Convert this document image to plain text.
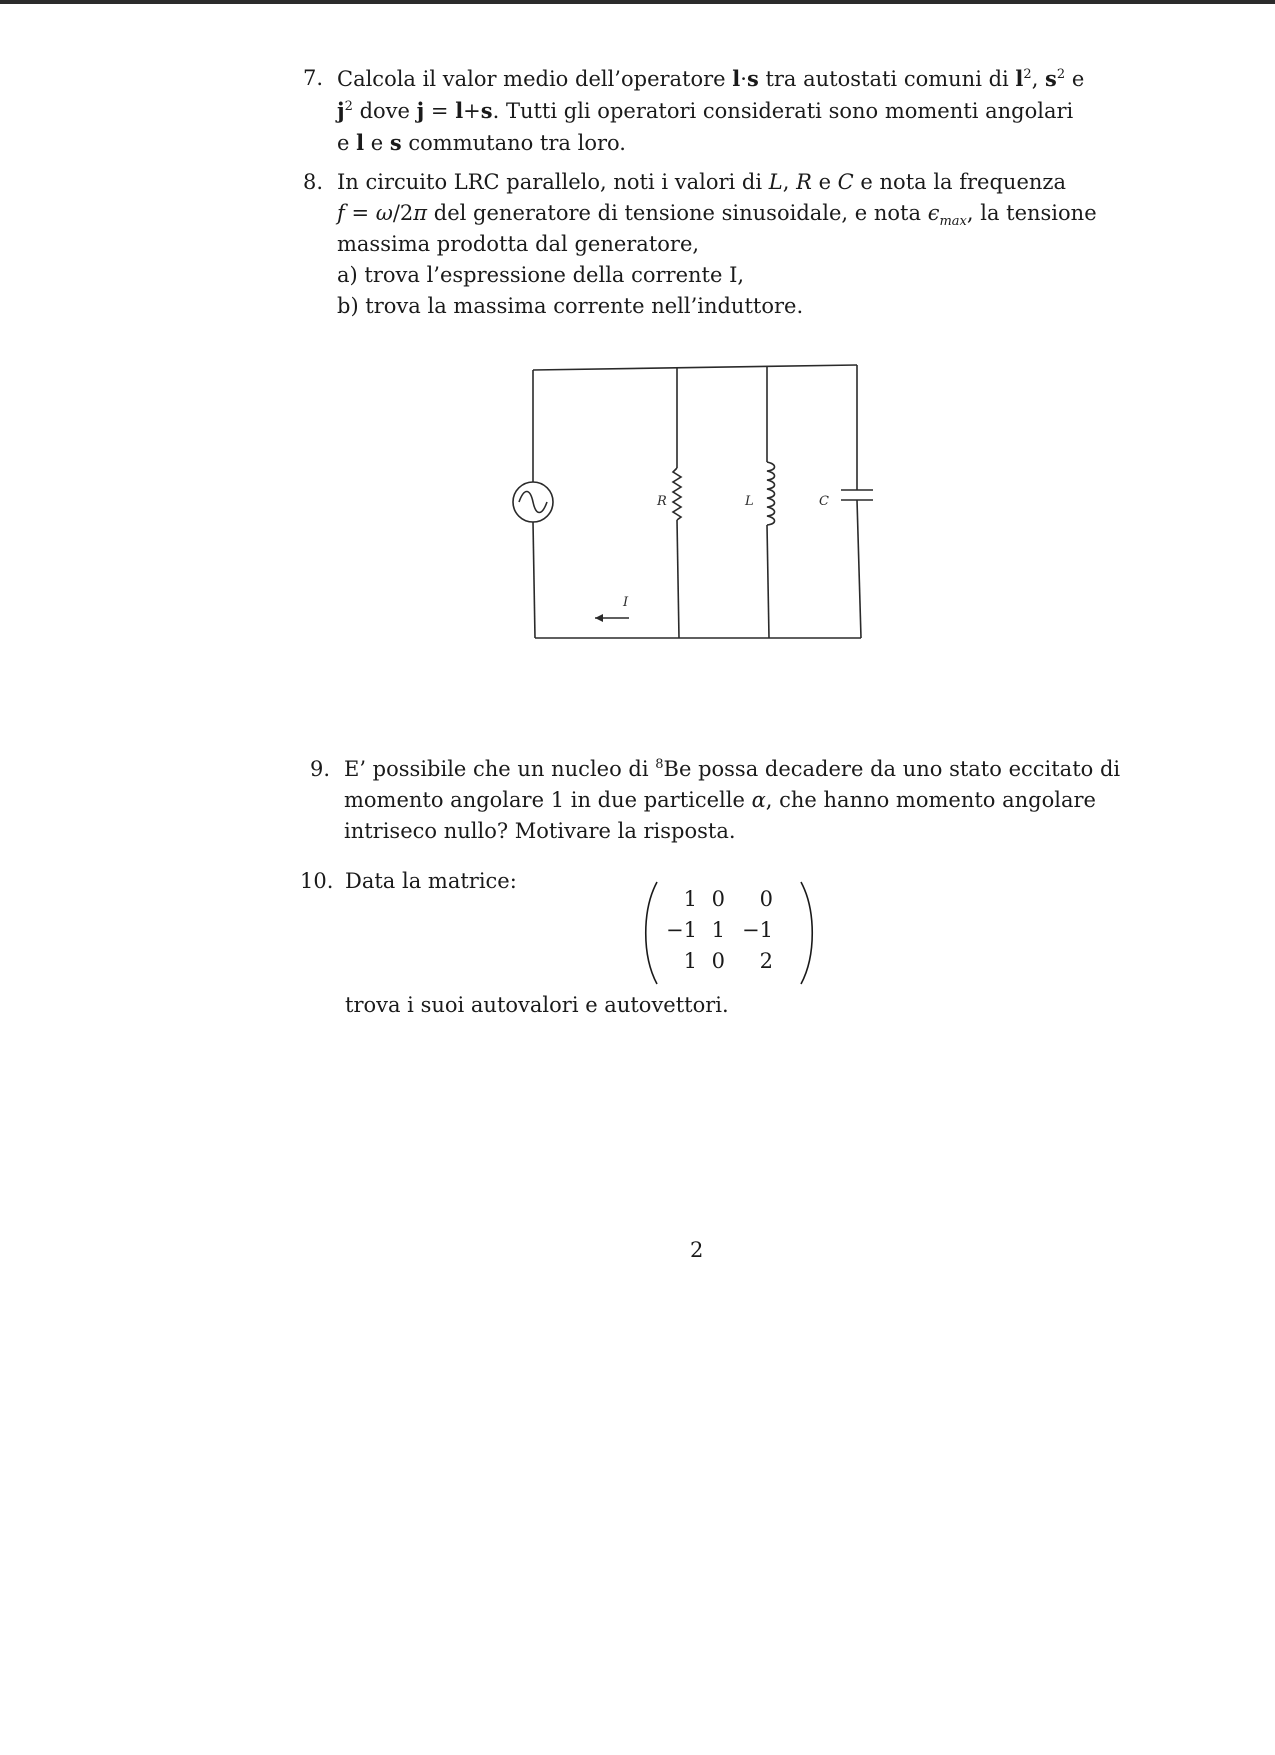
7. Calcola il valor medio dell’operatore l·s tra autostati comuni di $l^2$, $s^2$ e
$j^2$ dove j = l+s. Tutti gli operatori considerati sono momenti angolari
e l e s commutano tra loro.
8. In circuito LRC parallelo, noti i valori di L, R e C e nota la frequenza
f = ω/2π del generatore di tensione sinusoidale, e nota $\epsilon_{max}$, la tensione
massima prodotta dal generatore,
a) trova l’espressione della corrente I,
b) trova la massima corrente nell’induttore.
R	L	C
I
9. E’ possibile che un nucleo di $^8$Be possa decadere da uno stato eccitato di
momento angolare 1 in due particelle α, che hanno momento angolare
intriseco nullo? Motivare la risposta.
10. Data la matrice:
1	0	0
−1	1	−1
1	0	2
trova i suoi autovalori e autovettori.
2
